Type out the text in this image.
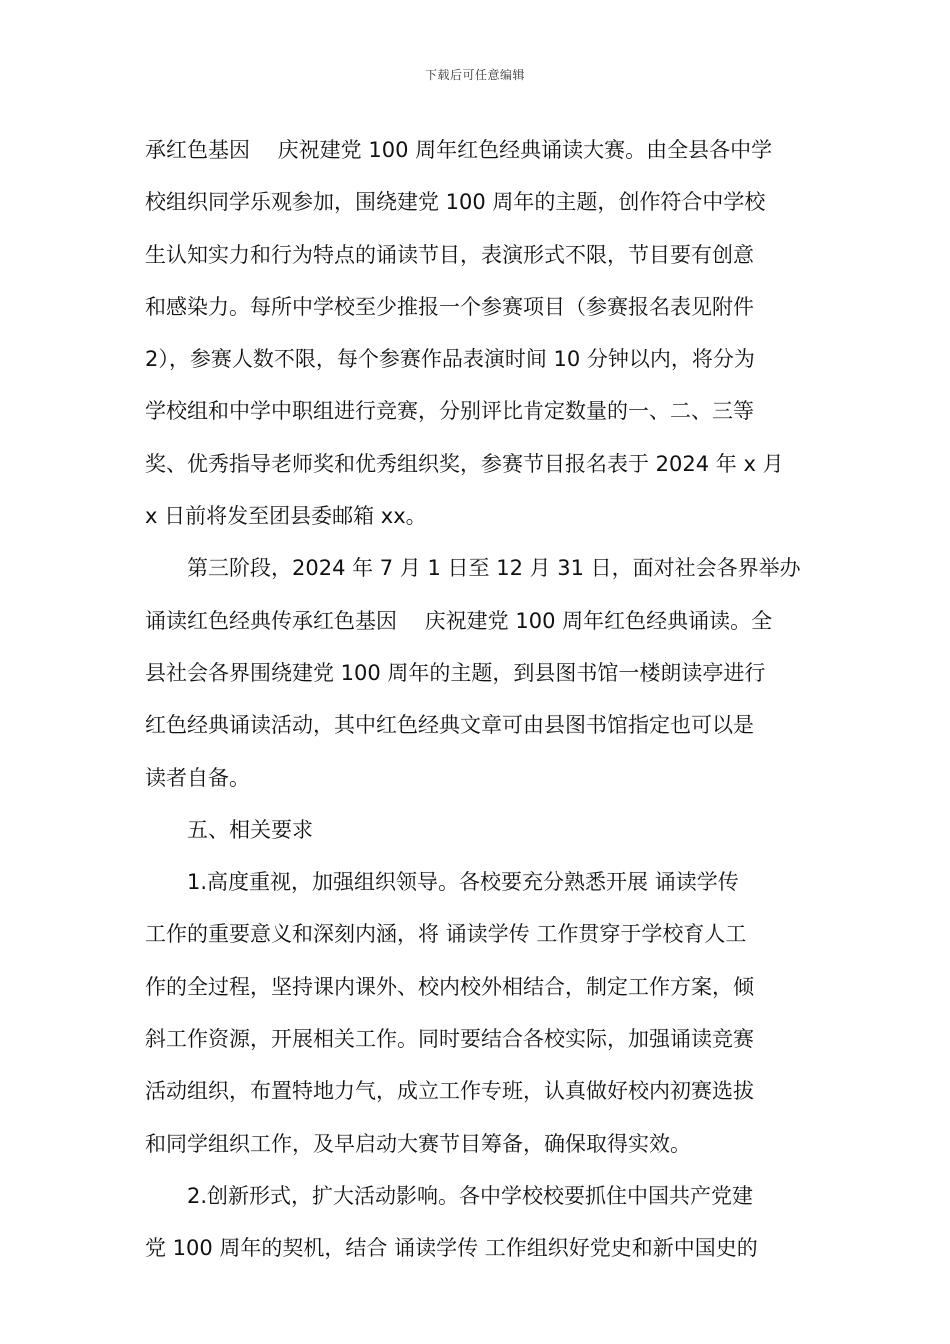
下载后可任意编辑
承红色基因　 庆祝建党 100 周年红色经典诵读大赛。由全县各中学
校组织同学乐观参加，围绕建党 100 周年的主题，创作符合中学校
生认知实力和行为特点的诵读节目，表演形式不限，节目要有创意
和感染力。每所中学校至少推报一个参赛项目（参赛报名表见附件
2），参赛人数不限，每个参赛作品表演时间 10 分钟以内，将分为
学校组和中学中职组进行竞赛，分别评比肯定数量的一、二、三等
奖、优秀指导老师奖和优秀组织奖，参赛节目报名表于 2024 年 x 月
x 日前将发至团县委邮箱 xx。
第三阶段，2024 年 7 月 1 日至 12 月 31 日，面对社会各界举办
诵读红色经典传承红色基因　 庆祝建党 100 周年红色经典诵读。全
县社会各界围绕建党 100 周年的主题，到县图书馆一楼朗读亭进行
红色经典诵读活动，其中红色经典文章可由县图书馆指定也可以是
读者自备。
五、相关要求
1.高度重视，加强组织领导。各校要充分熟悉开展 诵读学传
工作的重要意义和深刻内涵，将 诵读学传 工作贯穿于学校育人工
作的全过程，坚持课内课外、校内校外相结合，制定工作方案，倾
斜工作资源，开展相关工作。同时要结合各校实际，加强诵读竞赛
活动组织，布置特地力气，成立工作专班，认真做好校内初赛选拔
和同学组织工作，及早启动大赛节目筹备，确保取得实效。
2.创新形式，扩大活动影响。各中学校校要抓住中国共产党建
党 100 周年的契机，结合 诵读学传 工作组织好党史和新中国史的
